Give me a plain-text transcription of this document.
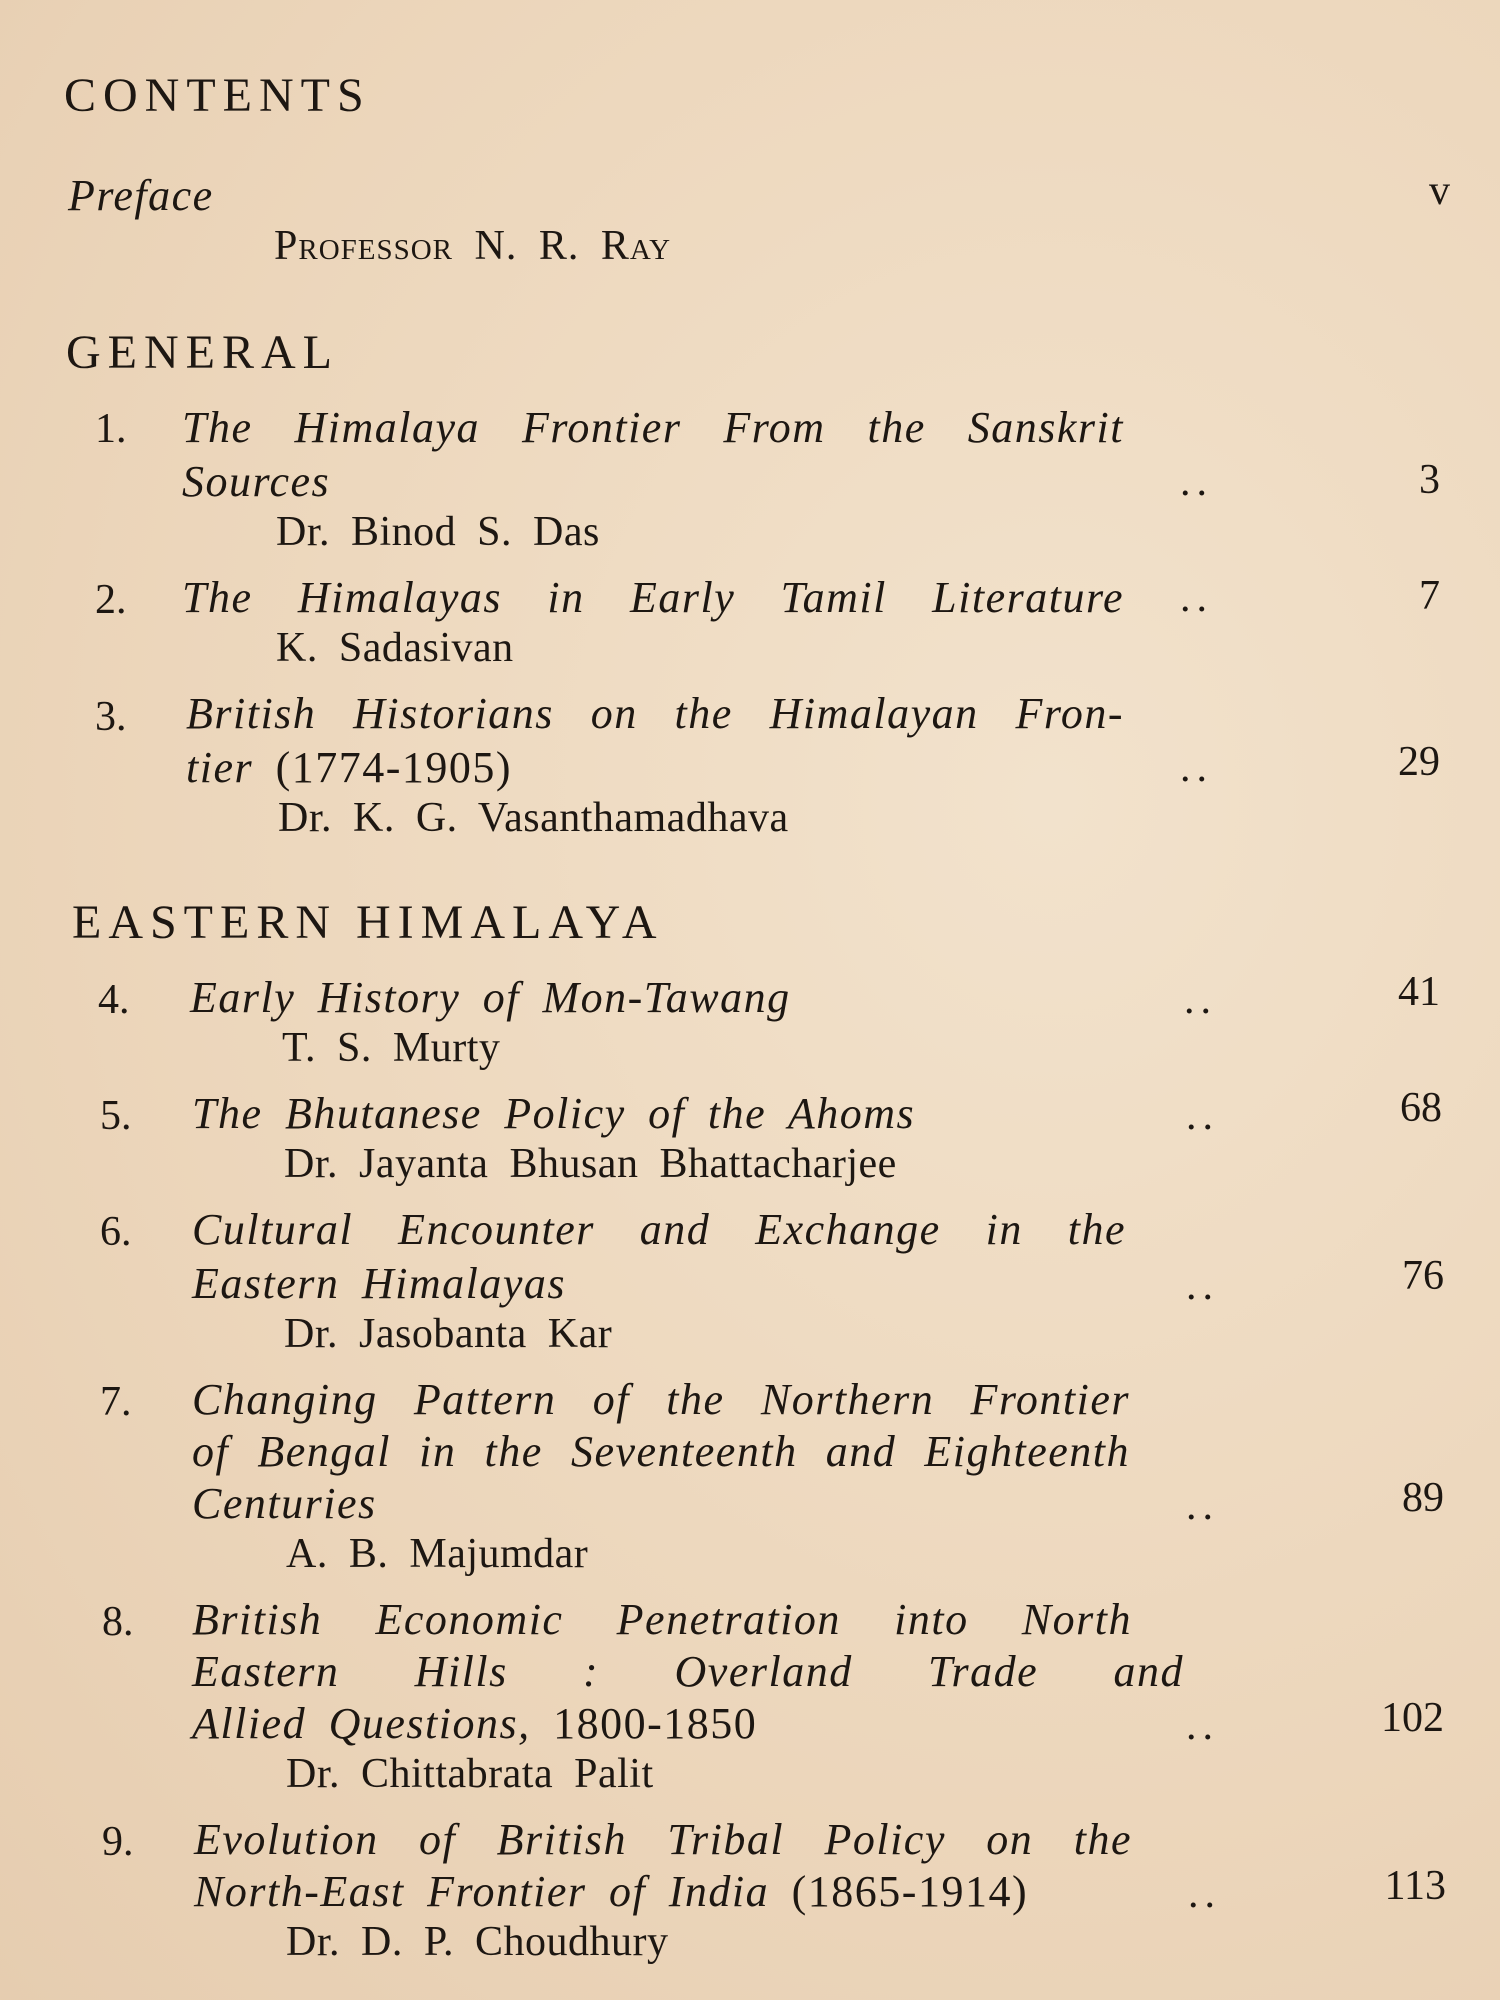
CONTENTS
Preface	v
Professor N. R. Ray
GENERAL
1. The Himalaya Frontier From the Sanskrit
Sources	..	3
Dr. Binod S. Das
2. The Himalayas in Early Tamil Literature ..	7
K. Sadasivan
3. British Historians on the Himalayan Fron-
tier (1774-1905)	..	29
Dr. K. G. Vasanthamadhava
EASTERN HIMALAYA
4. Early History of Mon-Tawang	..	41
T. S. Murty
5. The Bhutanese Policy of the Ahoms	..	68
Dr. Jayanta Bhusan Bhattacharjee
6. Cultural Encounter and Exchange in the
Eastern Himalayas	..	76
Dr. Jasobanta Kar
7. Changing Pattern of the Northern Frontier
of Bengal in the Seventeenth and Eighteenth
Centuries	..	89
A. B. Majumdar
8. British Economic Penetration into North
Eastern Hills : Overland Trade and
Allied Questions, 1800-1850	..	102
Dr. Chittabrata Palit
9. Evolution of British Tribal Policy on the
North-East Frontier of India (1865-1914)	..	113
Dr. D. P. Choudhury
